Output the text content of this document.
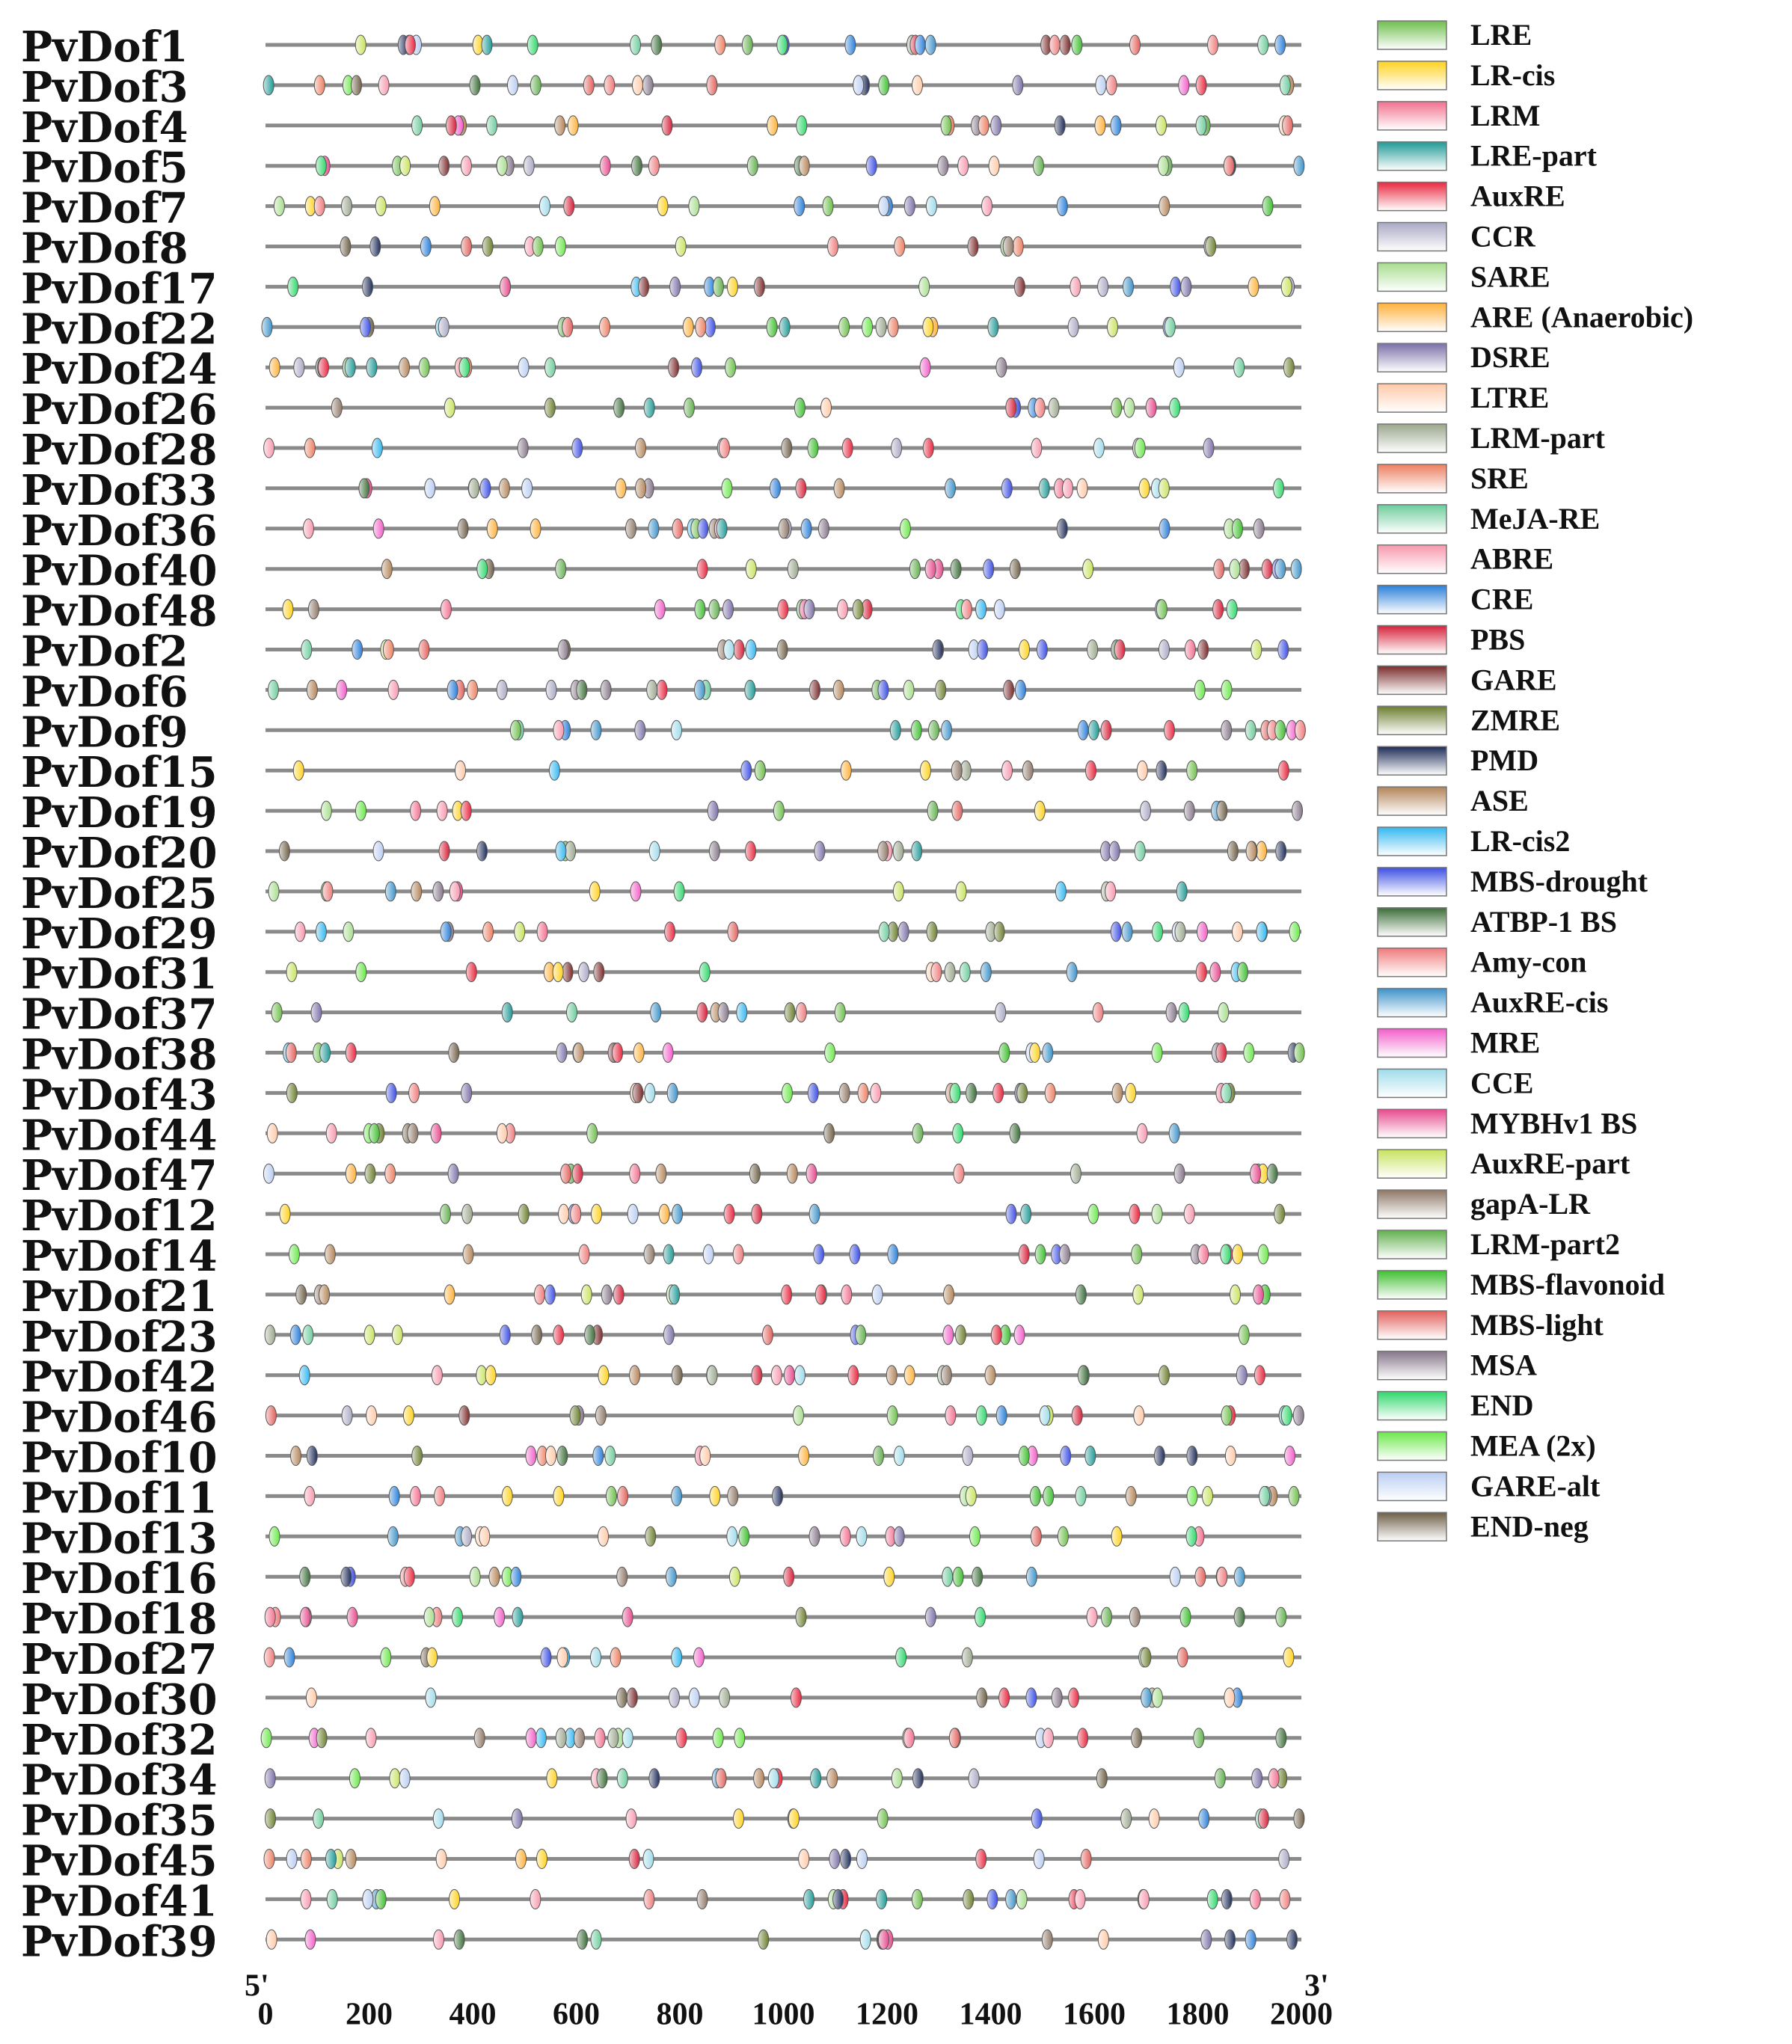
PvDof1
PvDof3
PvDof4
PvDof5
PvDof7
PvDof8
PvDof17
PvDof22
PvDof24
PvDof26
PvDof28
PvDof33
PvDof36
PvDof40
PvDof48
PvDof2
PvDof6
PvDof9
PvDof15
PvDof19
PvDof20
PvDof25
PvDof29
PvDof31
PvDof37
PvDof38
PvDof43
PvDof44
PvDof47
PvDof12
PvDof14
PvDof21
PvDof23
PvDof42
PvDof46
PvDof10
PvDof11
PvDof13
PvDof16
PvDof18
PvDof27
PvDof30
PvDof32
PvDof34
PvDof35
PvDof45
PvDof41
PvDof39
5'	3'
0 200 400 600 800 1000 1200 1400 1600 1800 2000
LRE
LR-cis
LRM
LRE-part
AuxRE
CCR
SARE
ARE (Anaerobic)
DSRE
LTRE
LRM-part
SRE
MeJA-RE
ABRE
CRE
PBS
GARE
ZMRE
PMD
ASE
LR-cis2
MBS-drought
ATBP-1 BS
Amy-con
AuxRE-cis
MRE
CCE
MYBHv1 BS
AuxRE-part
gapA-LR
LRM-part2
MBS-flavonoid
MBS-light
MSA
END
MEA (2x)
GARE-alt
END-neg
